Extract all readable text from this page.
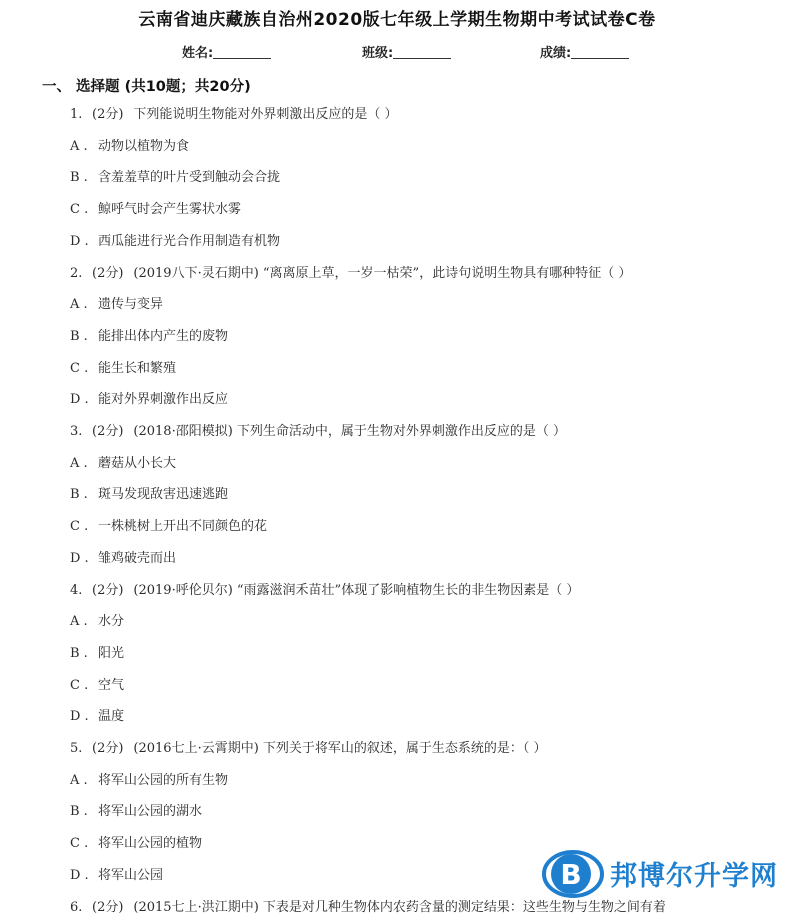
云南省迪庆藏族自治州2020版七年级上学期生物期中考试试卷C卷
姓名:	班级:	成绩:
一、 选择题 (共10题；共20分)
1. (2分) 下列能说明生物能对外界刺激出反应的是（ ）
A . 动物以植物为食
B . 含羞羞草的叶片受到触动会合拢
C . 鲸呼气时会产生雾状水雾
D . 西瓜能进行光合作用制造有机物
2. (2分) (2019八下·灵石期中) “离离原上草，一岁一枯荣”，此诗句说明生物具有哪种特征（ ）
A . 遗传与变异
B . 能排出体内产生的废物
C . 能生长和繁殖
D . 能对外界刺激作出反应
3. (2分) (2018·邵阳模拟) 下列生命活动中，属于生物对外界刺激作出反应的是（ ）
A . 蘑菇从小长大
B . 斑马发现敌害迅速逃跑
C . 一株桃树上开出不同颜色的花
D . 雏鸡破壳而出
4. (2分) (2019·呼伦贝尔) “雨露滋润禾苗壮”体现了影响植物生长的非生物因素是（ ）
A . 水分
B . 阳光
C . 空气
D . 温度
5. (2分) (2016七上·云霄期中) 下列关于将军山的叙述，属于生态系统的是：（ ）
A . 将军山公园的所有生物
B . 将军山公园的湖水
C . 将军山公园的植物
D . 将军山公园
6. (2分) (2015七上·洪江期中) 下表是对几种生物体内农药含量的测定结果：这些生物与生物之间有着
B 邦博尔升学网
